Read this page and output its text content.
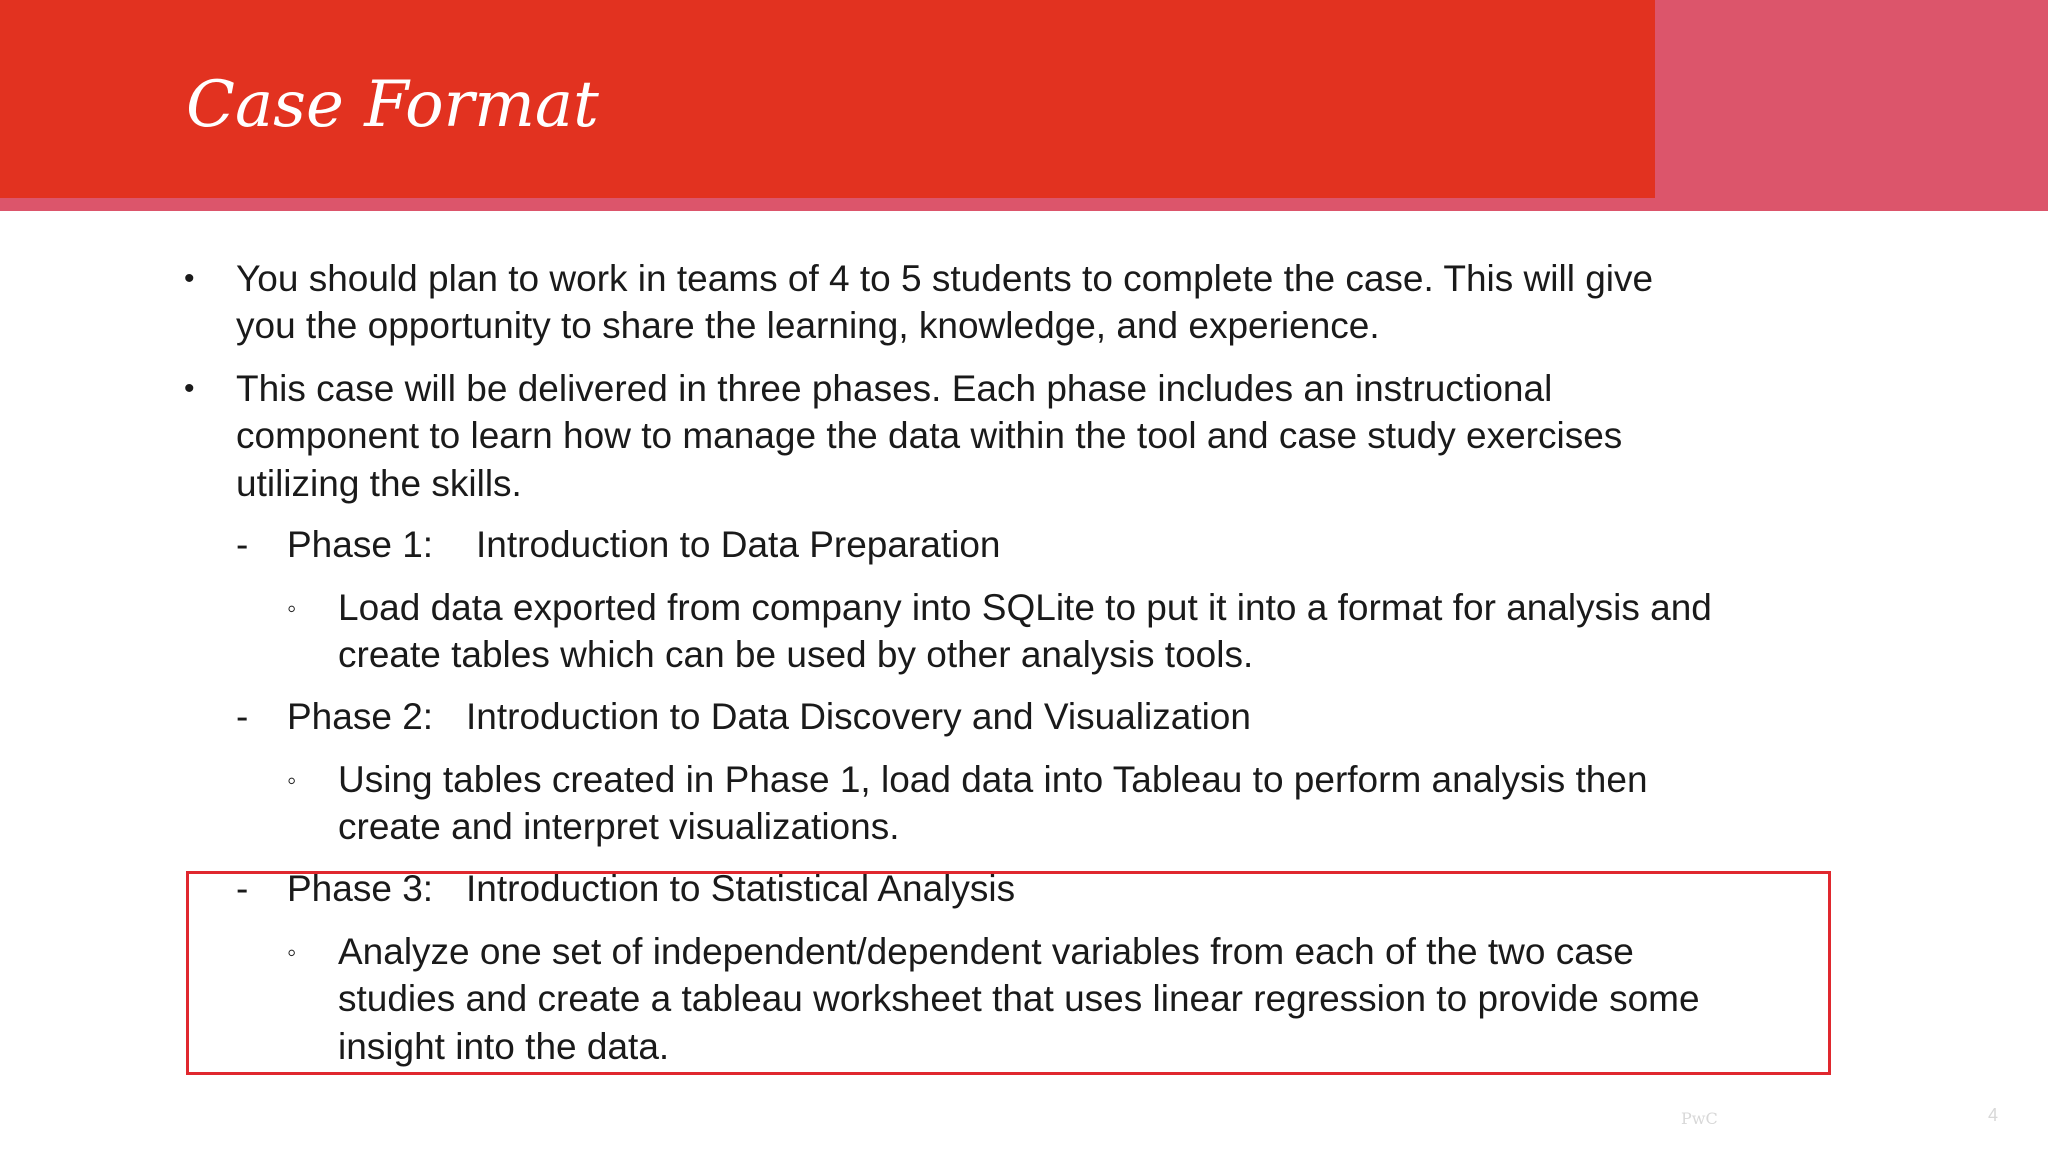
Case Format
• You should plan to work in teams of 4 to 5 students to complete the case. This will give
you the opportunity to share the learning, knowledge, and experience.
• This case will be delivered in three phases. Each phase includes an instructional
component to learn how to manage the data within the tool and case study exercises
utilizing the skills.
- Phase 1: Introduction to Data Preparation
◦ Load data exported from company into SQLite to put it into a format for analysis and
create tables which can be used by other analysis tools.
- Phase 2: Introduction to Data Discovery and Visualization
◦ Using tables created in Phase 1, load data into Tableau to perform analysis then
create and interpret visualizations.
- Phase 3: Introduction to Statistical Analysis
◦ Analyze one set of independent/dependent variables from each of the two case
studies and create a tableau worksheet that uses linear regression to provide some
insight into the data.
PwC	4
